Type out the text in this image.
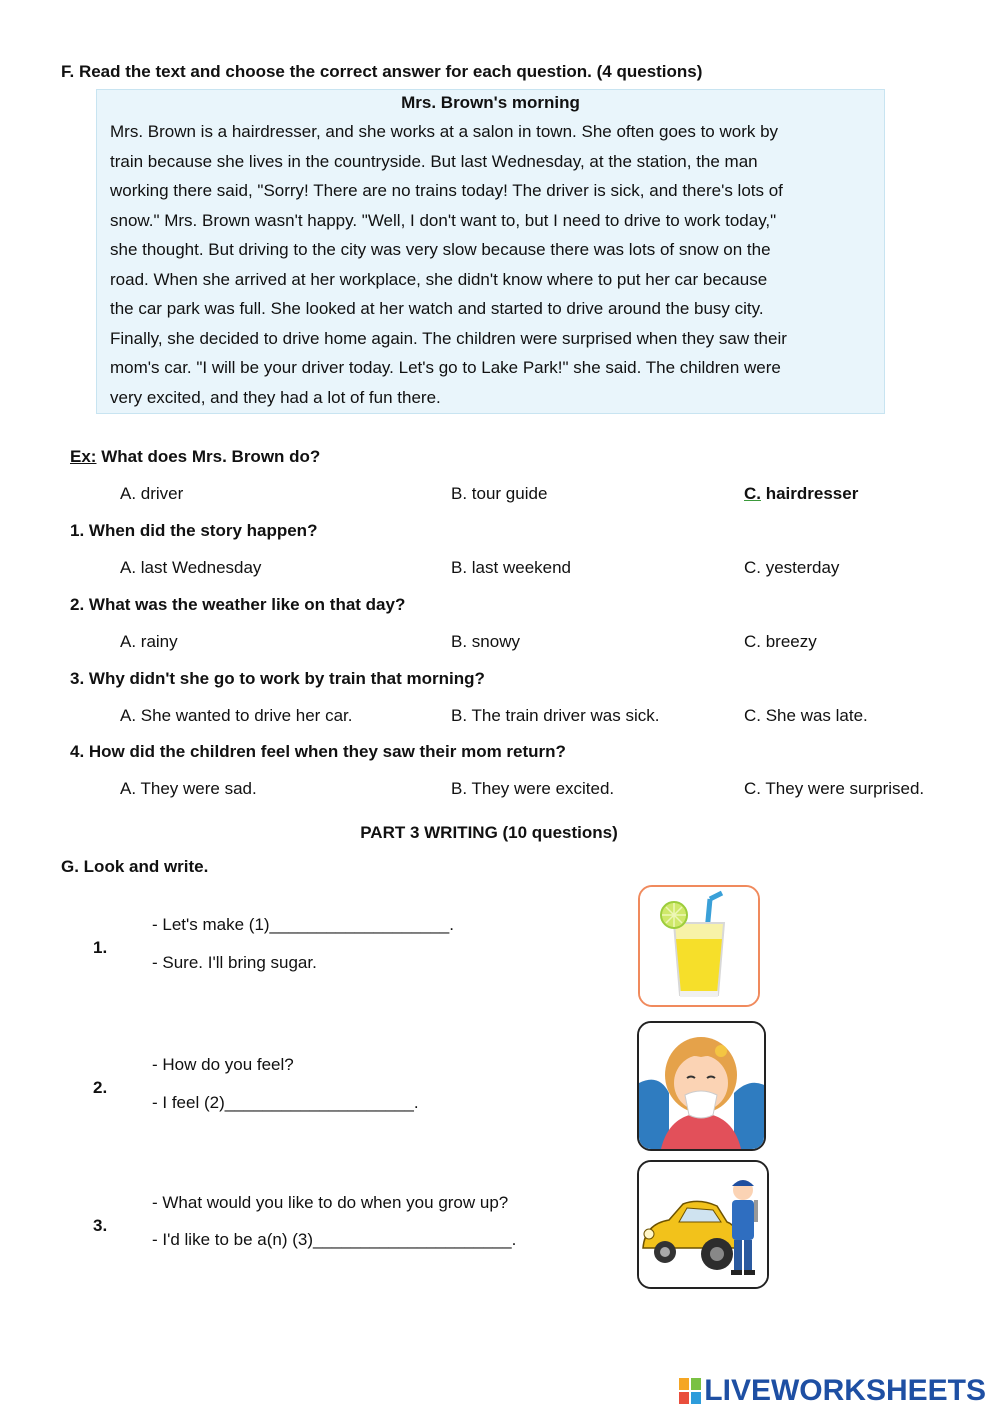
F. Read the text and choose the correct answer for each question. (4 questions)
Mrs. Brown's morning
Mrs. Brown is a hairdresser, and she works at a salon in town. She often goes to work by
train because she lives in the countryside. But last Wednesday, at the station, the man
working there said, "Sorry! There are no trains today! The driver is sick, and there's lots of
snow." Mrs. Brown wasn't happy. "Well, I don't want to, but I need to drive to work today,"
she thought. But driving to the city was very slow because there was lots of snow on the
road. When she arrived at her workplace, she didn't know where to put her car because
the car park was full. She looked at her watch and started to drive around the busy city.
Finally, she decided to drive home again. The children were surprised when they saw their
mom's car. "I will be your driver today. Let's go to Lake Park!" she said. The children were
very excited, and they had a lot of fun there.
Ex: What does Mrs. Brown do?
A. driver	B. tour guide	C. hairdresser
1. When did the story happen?
A. last Wednesday	B. last weekend	C. yesterday
2. What was the weather like on that day?
A. rainy	B. snowy	C. breezy
3. Why didn't she go to work by train that morning?
A. She wanted to drive her car.	B. The train driver was sick.	C. She was late.
4. How did the children feel when they saw their mom return?
A. They were sad.	B. They were excited.	C. They were surprised.
PART 3 WRITING (10 questions)
G. Look and write.
1.
- Let's make (1)___________________.
- Sure. I'll bring sugar.
2.
- How do you feel?
- I feel (2)____________________.
3.
- What would you like to do when you grow up?
- I'd like to be a(n) (3)_____________________.
LIVEWORKSHEETS
